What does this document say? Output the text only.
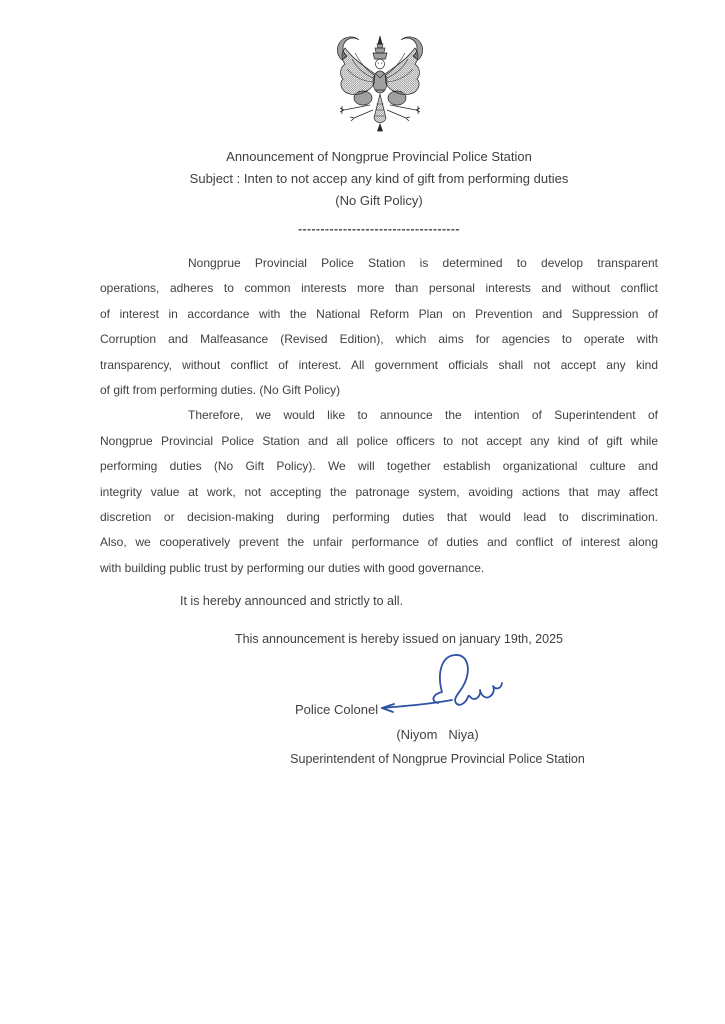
Announcement of Nongprue Provincial Police Station
Subject : Inten to not accep any kind of gift from performing duties
(No Gift Policy)
------------------------------------
Nongprue Provincial Police Station is determined to develop transparent
operations, adheres to common interests more than personal interests and without conflict
of interest in accordance with the National Reform Plan on Prevention and Suppression of
Corruption and Malfeasance (Revised Edition), which aims for agencies to operate with
transparency, without conflict of interest. All government officials shall not accept any kind
of gift from performing duties. (No Gift Policy)
Therefore, we would like to announce the intention of Superintendent of
Nongprue Provincial Police Station and all police officers to not accept any kind of gift while
performing duties (No Gift Policy). We will together establish organizational culture and
integrity value at work, not accepting the patronage system, avoiding actions that may affect
discretion or decision-making during performing duties that would lead to discrimination.
Also, we cooperatively prevent the unfair performance of duties and conflict of interest along
with building public trust by performing our duties with good governance.
It is hereby announced and strictly to all.
This announcement is hereby issued on january 19th, 2025
Police Colonel
(Niyom   Niya)
Superintendent of Nongprue Provincial Police Station
